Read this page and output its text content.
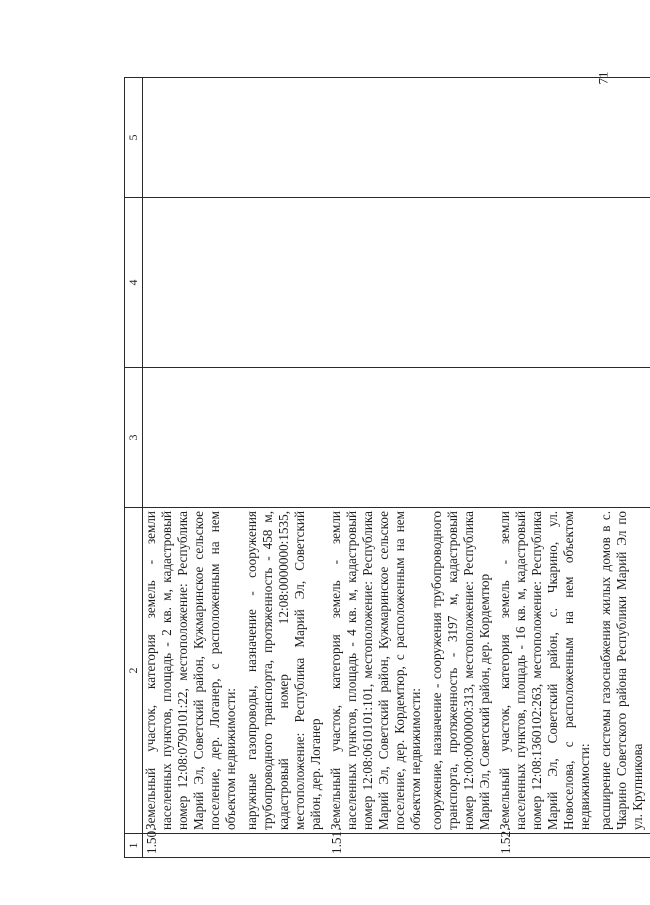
71
1	2	3	4	5

1.50.	Земельный участок, категория земель - земли населенных пунктов, площадь - 2 кв. м, кадастровый номер 12:08:0790101:22, местоположение: Республика Марий Эл, Советский район, Кужмаринское сельское поселение, дер. Логанер, с расположенным на нем объектом недвижимости: наружные газопроводы, назначение - сооружения трубопроводного транспорта, протяженность - 458 м, кадастровый номер 12:08:0000000:1535, местоположение: Республика Марий Эл, Советский район, дер. Логанер			

1.51.	Земельный участок, категория земель - земли населенных пунктов, площадь - 4 кв. м, кадастровый номер 12:08:0610101:101, местоположение: Республика Марий Эл, Советский район, Кужмаринское сельское поселение, дер. Кордемтюр, с расположенным на нем объектом недвижимости: сооружение, назначение - сооружения трубопроводного транспорта, протяженность - 3197 м, кадастровый номер 12:00:0000000:313, местоположение: Республика Марий Эл, Советский район, дер. Кордемтюр			

1.52.	Земельный участок, категория земель - земли населенных пунктов, площадь - 16 кв. м, кадастровый номер 12:08:1360102:263, местоположение: Республика Марий Эл, Советский район, с. Чкарино, ул. Новоселова, с расположенным на нем объектом недвижимости: расширение системы газоснабжения жилых домов в с. Чкарино Советского района Республики Марий Эл по ул. Крупникова			
